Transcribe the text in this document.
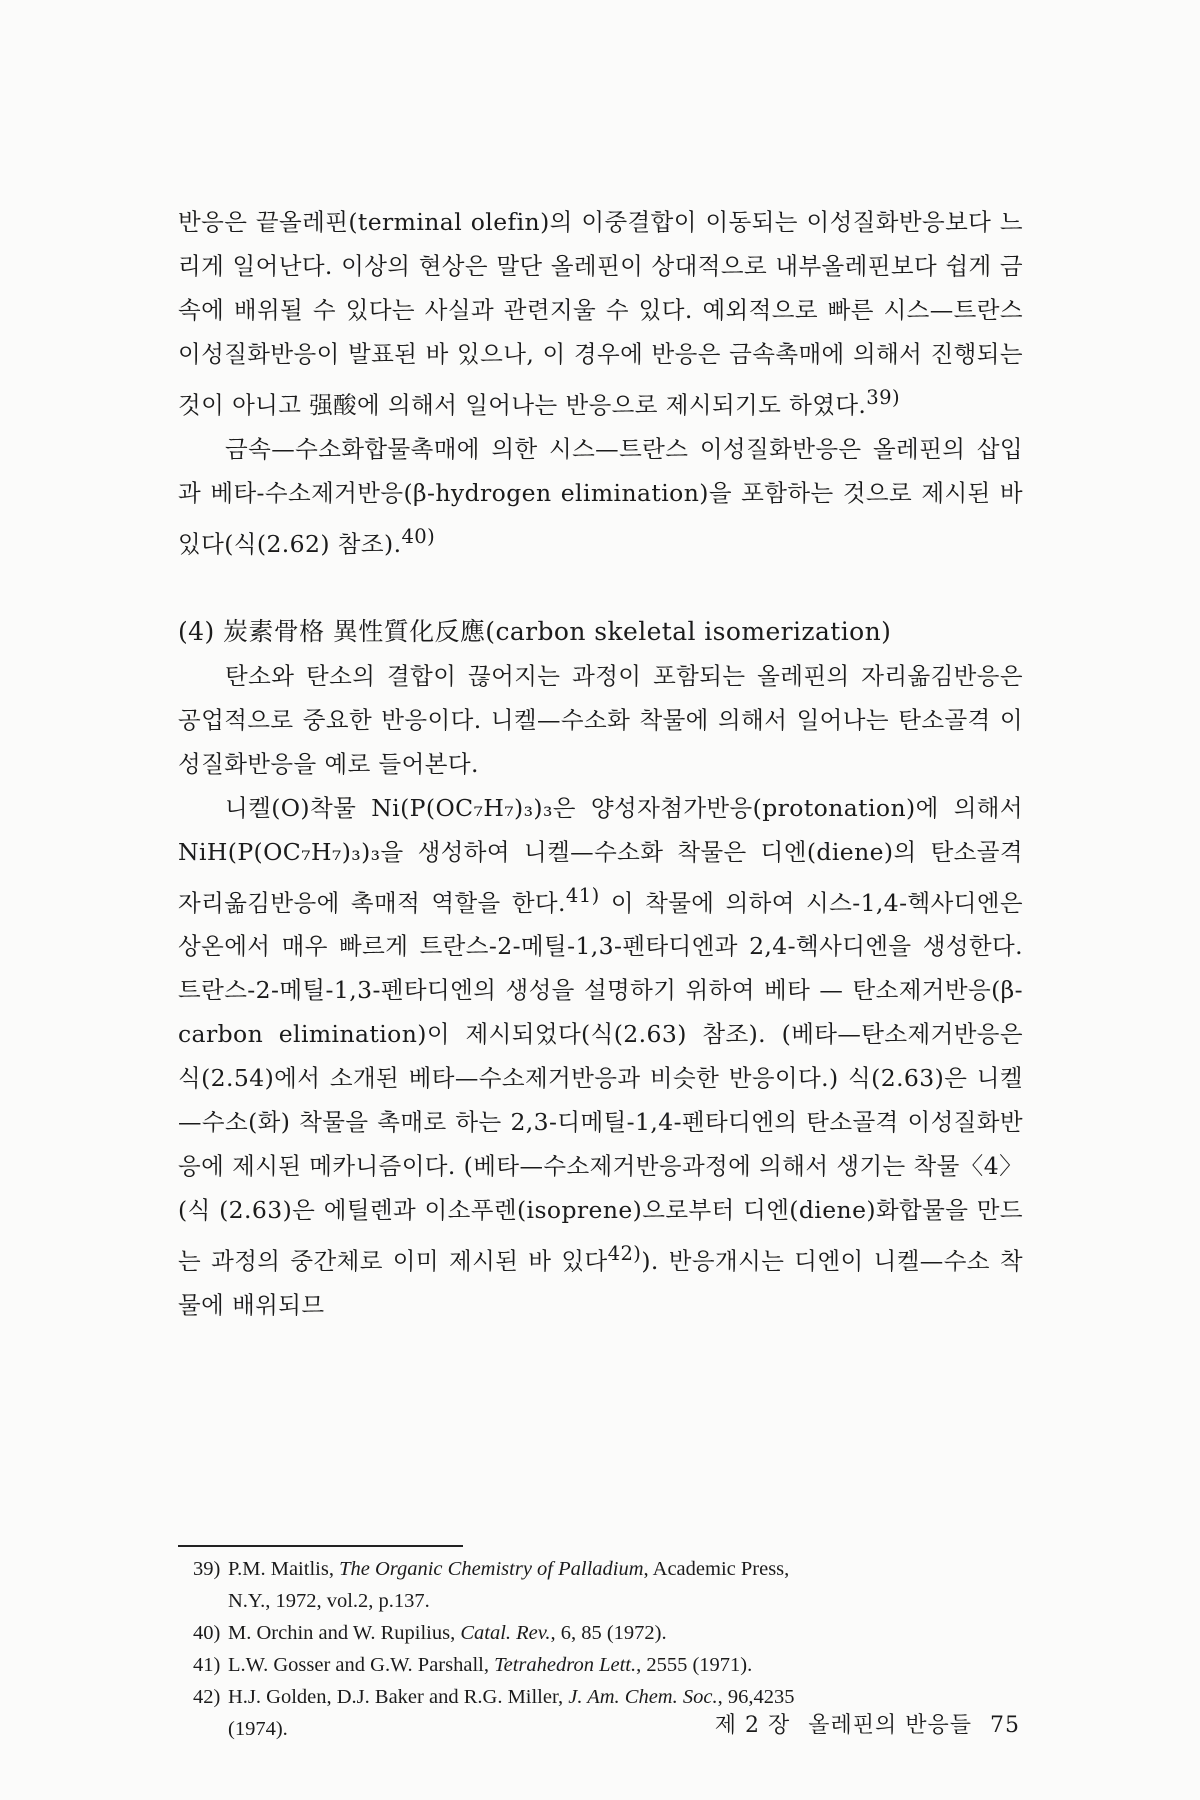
반응은 끝올레핀(terminal olefin)의 이중결합이 이동되는 이성질화반응보다 느리게 일어난다. 이상의 현상은 말단 올레핀이 상대적으로 내부올레핀보다 쉽게 금속에 배위될 수 있다는 사실과 관련지울 수 있다. 예외적으로 빠른 시스—트란스 이성질화반응이 발표된 바 있으나, 이 경우에 반응은 금속촉매에 의해서 진행되는 것이 아니고 强酸에 의해서 일어나는 반응으로 제시되기도 하였다.$^{39)}$

금속—수소화합물촉매에 의한 시스—트란스 이성질화반응은 올레핀의 삽입과 베타-수소제거반응(β-hydrogen elimination)을 포함하는 것으로 제시된 바 있다(식(2.62) 참조).$^{40)}$

(4) 炭素骨格 異性質化反應(carbon skeletal isomerization)

탄소와 탄소의 결합이 끊어지는 과정이 포함되는 올레핀의 자리옮김반응은 공업적으로 중요한 반응이다. 니켈—수소화 착물에 의해서 일어나는 탄소골격 이성질화반응을 예로 들어본다.

니켈(O)착물 Ni(P(OC₇H₇)₃)₃은 양성자첨가반응(protonation)에 의해서 NiH(P(OC₇H₇)₃)₃을 생성하여 니켈—수소화 착물은 디엔(diene)의 탄소골격 자리옮김반응에 촉매적 역할을 한다.$^{41)}$ 이 착물에 의하여 시스-1,4-헥사디엔은 상온에서 매우 빠르게 트란스-2-메틸-1,3-펜타디엔과 2,4-헥사디엔을 생성한다. 트란스-2-메틸-1,3-펜타디엔의 생성을 설명하기 위하여 베타 — 탄소제거반응(β-carbon elimination)이 제시되었다(식(2.63) 참조). (베타—탄소제거반응은 식(2.54)에서 소개된 베타—수소제거반응과 비슷한 반응이다.) 식(2.63)은 니켈—수소(화) 착물을 촉매로 하는 2,3-디메틸-1,4-펜타디엔의 탄소골격 이성질화반응에 제시된 메카니즘이다. (베타—수소제거반응과정에 의해서 생기는 착물〈4〉(식 (2.63)은 에틸렌과 이소푸렌(isoprene)으로부터 디엔(diene)화합물을 만드는 과정의 중간체로 이미 제시된 바 있다$^{42)}$). 반응개시는 디엔이 니켈—수소 착물에 배위되므

39) P.M. Maitlis, The Organic Chemistry of Palladium, Academic Press,

N.Y., 1972, vol.2, p.137.

40) M. Orchin and W. Rupilius, Catal. Rev., 6, 85 (1972).

41) L.W. Gosser and G.W. Parshall, Tetrahedron Lett., 2555 (1971).

42) H.J. Golden, D.J. Baker and R.G. Miller, J. Am. Chem. Soc., 96,4235

(1974).	제 2 장 올레핀의 반응들 75
